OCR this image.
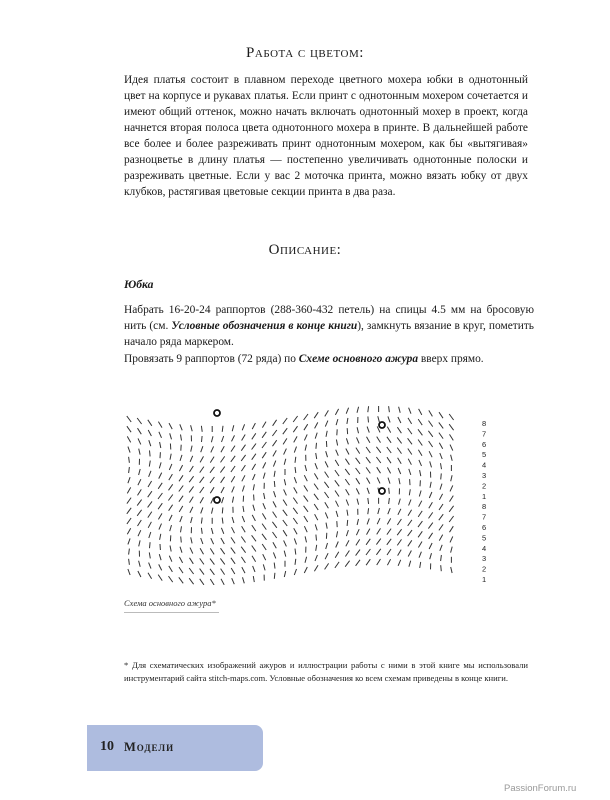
Работа с цветом:
Идея платья состоит в плавном переходе цветного мохера юбки в однотонный цвет на корпусе и рукавах платья. Если принт с однотонным мохером сочетается и имеют общий оттенок, можно начать включать однотонный мохер в проект, когда начнется вторая полоса цвета однотонного мохера в принте. В дальнейшей работе все более и более разреживать принт однотонным мохером, как бы «вытягивая» разноцветье в длину платья — постепенно увеличивать однотонные полоски и разреживать цветные. Если у вас 2 моточка принта, можно вязать юбку от двух клубков, растягивая цветовые секции принта в два раза.
Описание:
Юбка
Набрать 16-20-24 раппортов (288-360-432 петель) на спицы 4.5 мм на бросовую нить (см. Условные обозначения в конце книги), замкнуть вязание в круг, пометить начало ряда маркером.
Провязать 9 раппортов (72 ряда) по Схеме основного ажура вверх прямо.
8
7
6
5
4
3
2
1
8
7
6
5
4
3
2
1
Схема основного ажура*
* Для схематических изображений ажуров и иллюстрации работы с ними в этой книге мы использовали инструментарий сайта stitch-maps.com. Условные обозначения ко всем схемам приведены в конце книги.
10 Модели
PassionForum.ru
